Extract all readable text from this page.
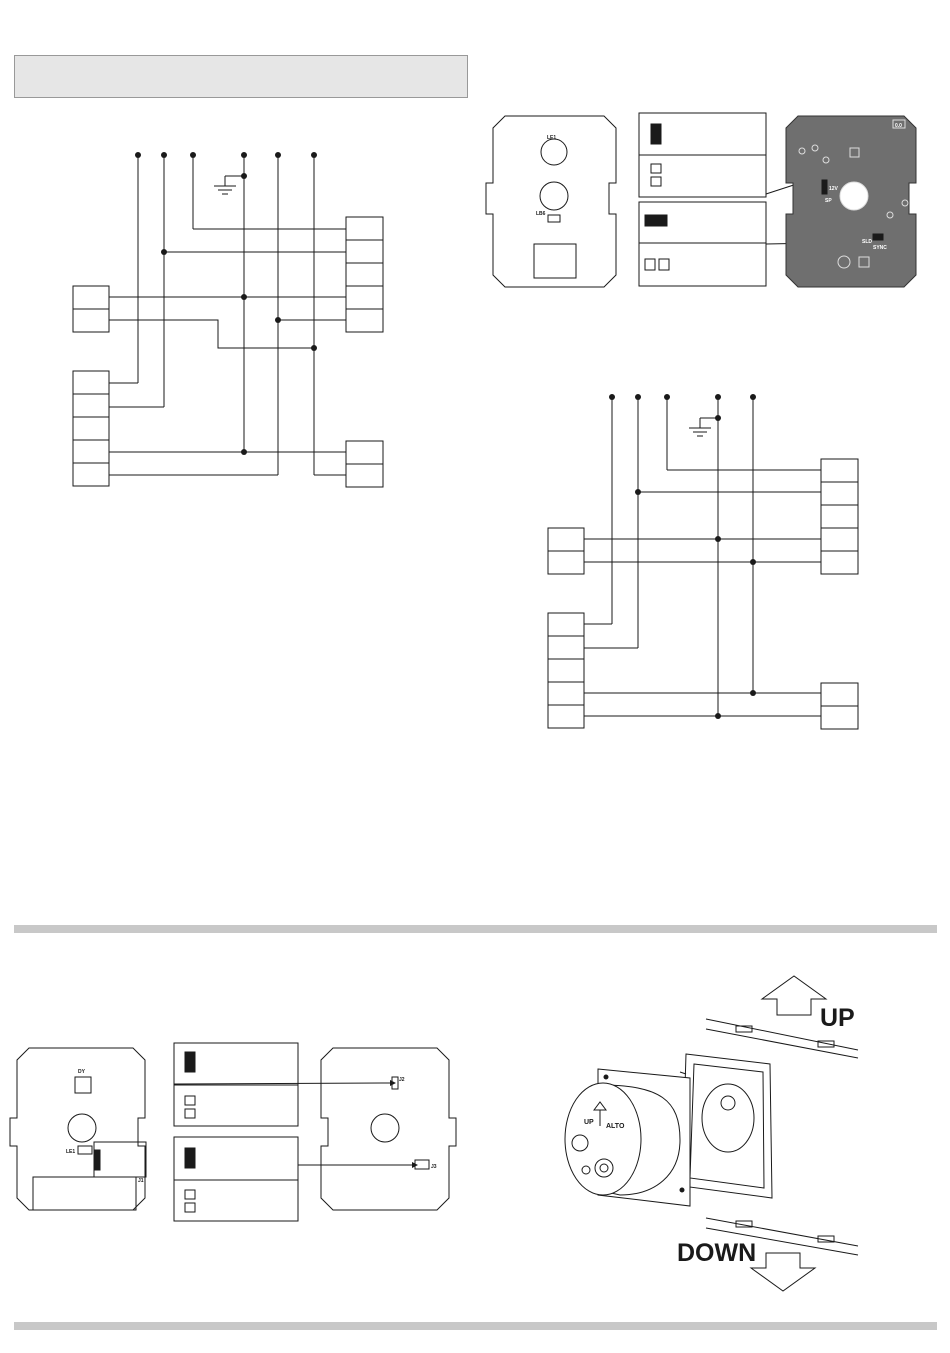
LE1
LB6
0.0
12V
SP
SLD
SYNC
DY
LE1
J1
J2
J3
UP
ALTO
UP
DOWN
